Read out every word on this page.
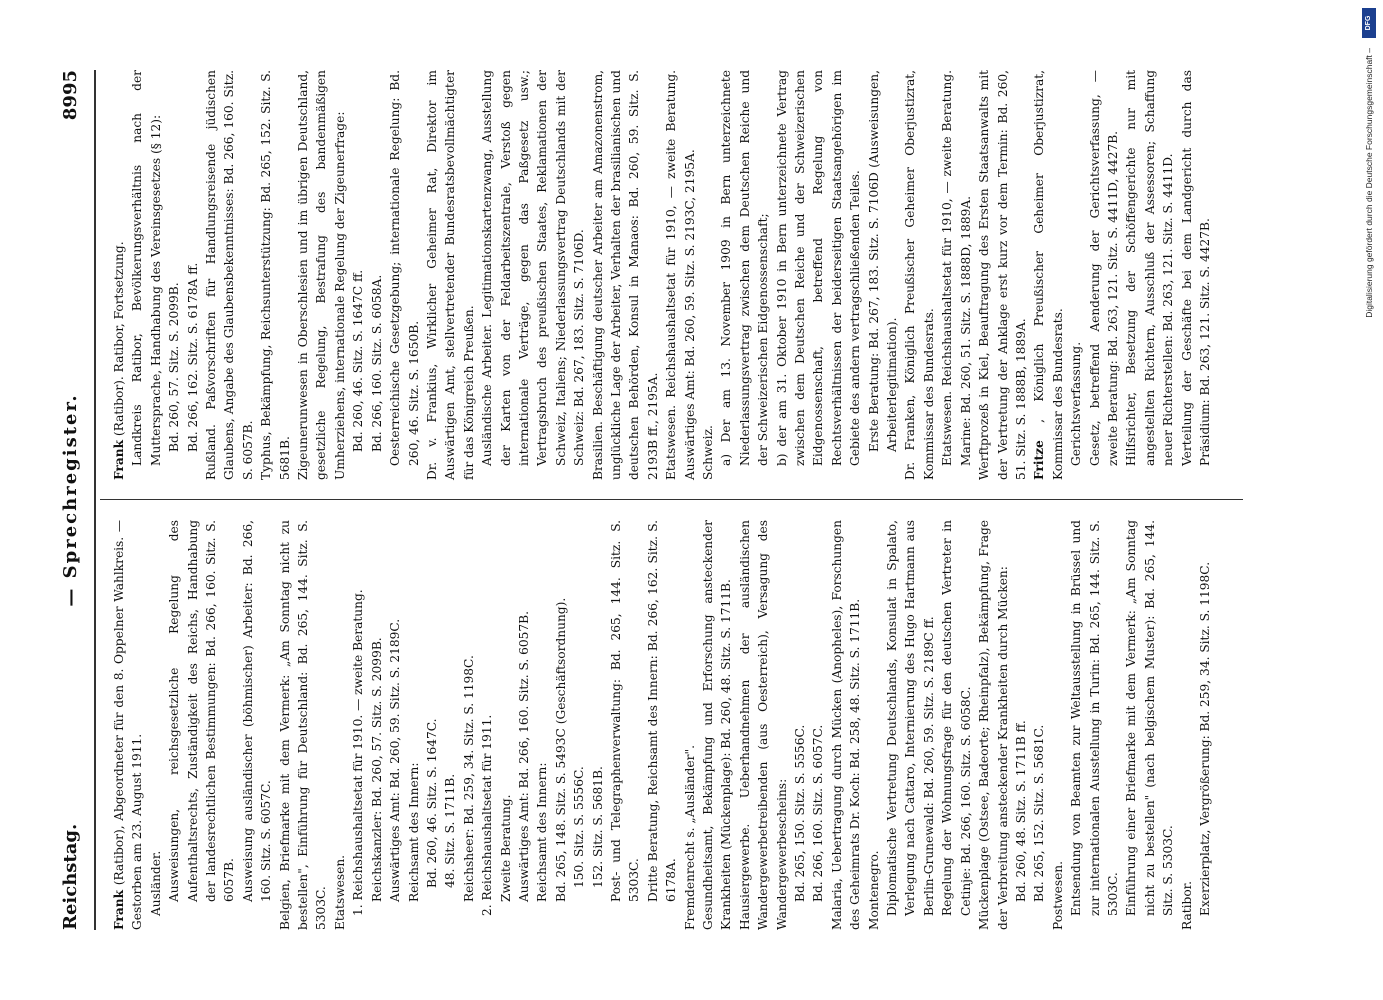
Reichstag.
— Sprechregister.
8995
Frank (Ratibor), Abgeordneter für den 8. Oppelner Wahlkreis. — Gestorben am 23. August 1911. Ausländer. Ausweisungen, reichsgesetzliche Regelung des Aufenthaltsrechts, Zuständigkeit des Reichs, Handhabung der landesrechtlichen Bestimmungen: Bd. 266, 160. Sitz. S. 6057B. Ausweisung ausländischer (böhmischer) Arbeiter: Bd. 266, 160. Sitz. S. 6057C. Belgien, Briefmarke mit dem Vermerk: „Am Sonntag nicht zu bestellen", Einführung für Deutschland: Bd. 265, 144. Sitz. S. 5303C. Etatswesen. 1. Reichshaushaltsetat für 1910. — zweite Beratung. Reichskanzler: Bd. 260, 57. Sitz. S. 2099B. Auswärtiges Amt: Bd. 260, 59. Sitz. S. 2189C. Reichsamt des Innern: Bd. 260, 46. Sitz. S. 1647C. 48. Sitz. S. 1711B. Reichsheer: Bd. 259, 34. Sitz. S. 1198C. 2. Reichshaushaltsetat für 1911. Zweite Beratung. Auswärtiges Amt: Bd. 266, 160. Sitz. S. 6057B. Reichsamt des Innern: Bd. 265, 148. Sitz. S. 5493C (Geschäftsordnung). 150. Sitz. S. 5556C. 152. Sitz. S. 5681B. Post- und Telegraphenverwaltung: Bd. 265, 144. Sitz. S. 5303C. Dritte Beratung, Reichsamt des Innern: Bd. 266, 162. Sitz. S. 6178A. Fremdenrecht s. „Ausländer". Gesundheitsamt, Bekämpfung und Erforschung ansteckender Krankheiten (Mückenplage): Bd. 260, 48. Sitz. S. 1711B. Hausiergewerbe. Ueberhandnehmen der ausländischen Wandergewerbetreibenden (aus Oesterreich), Versagung des Wandergewerbescheins: Bd. 265, 150. Sitz. S. 5556C. Bd. 266, 160. Sitz. S. 6057C. Malaria, Uebertragung durch Mücken (Anopheles), Forschungen des Geheimrats Dr. Koch: Bd. 258, 48. Sitz. S. 1711B. Montenegro. Diplomatische Vertretung Deutschlands, Konsulat in Spalato, Verlegung nach Cattaro, Internierung des Hugo Hartmann aus Berlin-Grunewald: Bd. 260, 59. Sitz. S. 2189C ff. Regelung der Wohnungsfrage für den deutschen Vertreter in Cetinje: Bd. 266, 160. Sitz. S. 6058C. Mückenplage (Ostsee, Badeorte; Rheinpfalz), Bekämpfung, Frage der Verbreitung ansteckender Krankheiten durch Mücken: Bd. 260, 48. Sitz. S. 1711B ff. Bd. 265, 152. Sitz. S. 5681C. Postwesen. Entsendung von Beamten zur Weltausstellung in Brüssel und zur internationalen Ausstellung in Turin: Bd. 265, 144. Sitz. S. 5303C. Einführung einer Briefmarke mit dem Vermerk: „Am Sonntag nicht zu bestellen" (nach belgischem Muster): Bd. 265, 144. Sitz. S. 5303C. Ratibor. Exerzierplatz, Vergrößerung: Bd. 259, 34. Sitz. S. 1198C.
Frank (Ratibor). Ratibor, Fortsetzung. Landkreis Ratibor, Bevölkerungsverhältnis nach der Muttersprache, Handhabung des Vereinsgesetzes (§ 12): Bd. 260, 57. Sitz. S. 2099B. Bd. 266, 162. Sitz. S. 6178A ff. Rußland. Paßvorschriften für Handlungsreisende jüdischen Glaubens, Angabe des Glaubensbekenntnisses: Bd. 266, 160. Sitz. S. 6057B. Typhus, Bekämpfung, Reichsunterstützung: Bd. 265, 152. Sitz. S. 5681B. Zigeunerunwesen in Oberschlesien und im übrigen Deutschland, gesetzliche Regelung, Bestrafung des bandenmäßigen Umherziehens, internationale Regelung der Zigeunerfrage: Bd. 260, 46. Sitz. S. 1647C ff. Bd. 266, 160. Sitz. S. 6058A. Oesterreichische Gesetzgebung; internationale Regelung: Bd. 260, 46. Sitz. S. 1650B. Dr. v. Frankius, Wirklicher Geheimer Rat, Direktor im Auswärtigen Amt, stellvertretender Bundesratsbevollmächtigter für das Königreich Preußen. Ausländische Arbeiter. Legitimationskartenzwang, Ausstellung der Karten von der Feldarbeitszentrale, Verstoß gegen internationale Verträge, gegen das Paßgesetz usw.; Vertragsbruch des preußischen Staates, Reklamationen der Schweiz, Italiens; Niederlassungsvertrag Deutschlands mit der Schweiz: Bd. 267, 183. Sitz. S. 7106D. Brasilien. Beschäftigung deutscher Arbeiter am Amazonenstrom, unglückliche Lage der Arbeiter, Verhalten der brasilianischen und deutschen Behörden, Konsul in Manaos: Bd. 260, 59. Sitz. S. 2193B ff., 2195A. Etatswesen. Reichshaushaltsetat für 1910, — zweite Beratung. Auswärtiges Amt: Bd. 260, 59. Sitz. S. 2193C, 2195A. Schweiz. a) Der am 13. November 1909 in Bern unterzeichnete Niederlassungsvertrag zwischen dem Deutschen Reiche und der Schweizerischen Eidgenossenschaft; b) der am 31. Oktober 1910 in Bern unterzeichnete Vertrag zwischen dem Deutschen Reiche und der Schweizerischen Eidgenossenschaft, betreffend Regelung von Rechtsverhältnissen der beiderseitigen Staatsangehörigen im Gebiete des andern vertragschließenden Teiles. Erste Beratung: Bd. 267, 183. Sitz. S. 7106D (Ausweisungen, Arbeiterlegitimation). Dr. Franken, Königlich Preußischer Geheimer Oberjustizrat, Kommissar des Bundesrats. Etatswesen. Reichshaushaltsetat für 1910, — zweite Beratung. Marine: Bd. 260, 51. Sitz. S. 1888D, 1889A. Werftprozeß in Kiel, Beauftragung des Ersten Staatsanwalts mit der Vertretung der Anklage erst kurz vor dem Termin: Bd. 260, 51. Sitz. S. 1888B, 1889A. Fritze , Königlich Preußischer Geheimer Oberjustizrat, Kommissar des Bundesrats. Gerichtsverfassung. Gesetz, betreffend Aenderung der Gerichtsverfassung, — zweite Beratung: Bd. 263, 121. Sitz. S. 4411D, 4427B. Hilfsrichter, Besetzung der Schöffengerichte nur mit angestellten Richtern, Ausschluß der Assessoren; Schaffung neuer Richterstellen: Bd. 263, 121. Sitz. S. 4411D. Verteilung der Geschäfte bei dem Landgericht durch das Präsidium: Bd. 263, 121. Sitz. S. 4427B.
DFG
Digitalisierung gefördert durch die Deutsche Forschungsgemeinschaft –
